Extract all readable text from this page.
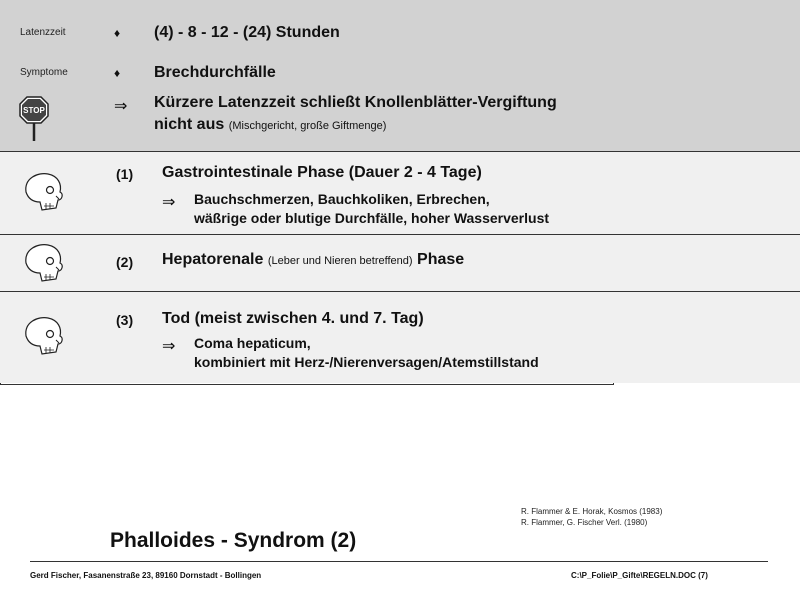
Latenzzeit	♦ (4) - 8 - 12 - (24) Stunden
Symptome	♦ Brechdurchfälle
STOP	⇒ Kürzere Latenzzeit schließt Knollenblätter-Vergiftung
nicht aus (Mischgericht, große Giftmenge)
(1) Gastrointestinale Phase (Dauer 2 - 4 Tage)
⇒ Bauchschmerzen, Bauchkoliken, Erbrechen,
wäßrige oder blutige Durchfälle, hoher Wasserverlust
(2) Hepatorenale (Leber und Nieren betreffend) Phase
(3) Tod (meist zwischen 4. und 7. Tag)
⇒ Coma hepaticum,
kombiniert mit Herz-/Nierenversagen/Atemstillstand
R. Flammer & E. Horak, Kosmos (1983)
R. Flammer, G. Fischer Verl. (1980)
Phalloides - Syndrom (2)
Gerd Fischer, Fasanenstraße 23, 89160 Dornstadt - Bollingen	C:\P_Folie\P_Gifte\REGELN.DOC (7)
